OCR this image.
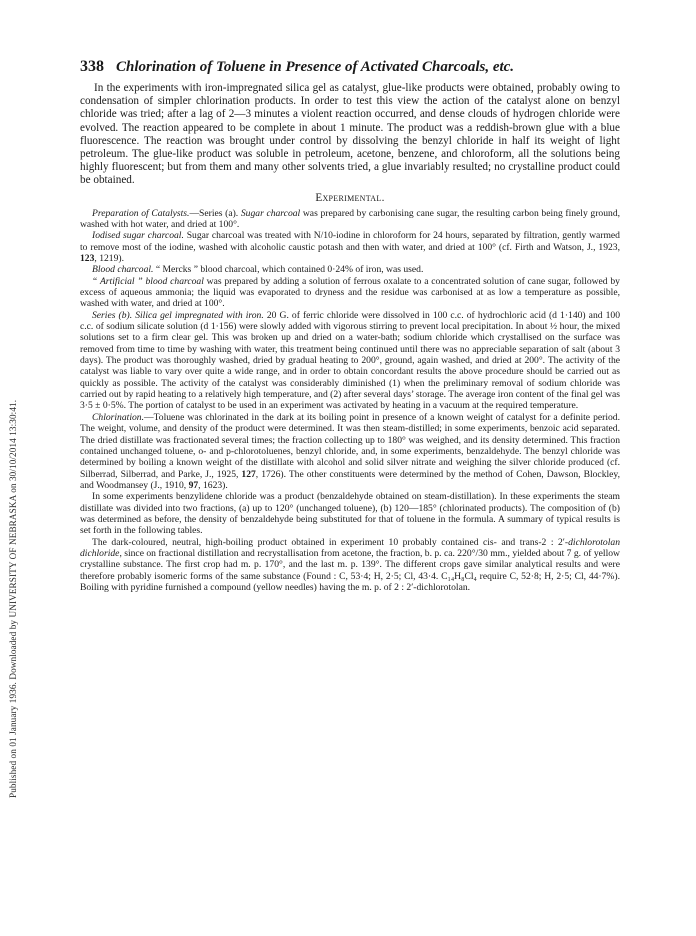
Published on 01 January 1936. Downloaded by UNIVERSITY OF NEBRASKA on 30/10/2014 13:30:41.
338 Chlorination of Toluene in Presence of Activated Charcoals, etc.

In the experiments with iron-impregnated silica gel as catalyst, glue-like products were obtained, probably owing to condensation of simpler chlorination products. In order to test this view the action of the catalyst alone on benzyl chloride was tried; after a lag of 2—3 minutes a violent reaction occurred, and dense clouds of hydrogen chloride were evolved. The reaction appeared to be complete in about 1 minute. The product was a reddish-brown glue with a blue fluorescence. The reaction was brought under control by dissolving the benzyl chloride in half its weight of light petroleum. The glue-like product was soluble in petroleum, acetone, benzene, and chloroform, all the solutions being highly fluorescent; but from them and many other solvents tried, a glue invariably resulted; no crystalline product could be obtained.

Experimental.

Preparation of Catalysts.—Series (a). Sugar charcoal was prepared by carbonising cane sugar, the resulting carbon being finely ground, washed with hot water, and dried at 100°.

Iodised sugar charcoal. Sugar charcoal was treated with N/10-iodine in chloroform for 24 hours, separated by filtration, gently warmed to remove most of the iodine, washed with alcoholic caustic potash and then with water, and dried at 100° (cf. Firth and Watson, J., 1923, 123, 1219).

Blood charcoal. “ Mercks ” blood charcoal, which contained 0·24% of iron, was used.

“ Artificial ” blood charcoal was prepared by adding a solution of ferrous oxalate to a concentrated solution of cane sugar, followed by excess of aqueous ammonia; the liquid was evaporated to dryness and the residue was carbonised at as low a temperature as possible, washed with water, and dried at 100°.

Series (b). Silica gel impregnated with iron. 20 G. of ferric chloride were dissolved in 100 c.c. of hydrochloric acid (d 1·140) and 100 c.c. of sodium silicate solution (d 1·156) were slowly added with vigorous stirring to prevent local precipitation. In about ½ hour, the mixed solutions set to a firm clear gel. This was broken up and dried on a water-bath; sodium chloride which crystallised on the surface was removed from time to time by washing with water, this treatment being continued until there was no appreciable separation of salt (about 3 days). The product was thoroughly washed, dried by gradual heating to 200°, ground, again washed, and dried at 200°. The activity of the catalyst was liable to vary over quite a wide range, and in order to obtain concordant results the above procedure should be carried out as quickly as possible. The activity of the catalyst was considerably diminished (1) when the preliminary removal of sodium chloride was carried out by rapid heating to a relatively high temperature, and (2) after several days’ storage. The average iron content of the final gel was 3·5 ± 0·5%. The portion of catalyst to be used in an experiment was activated by heating in a vacuum at the required temperature.

Chlorination.—Toluene was chlorinated in the dark at its boiling point in presence of a known weight of catalyst for a definite period. The weight, volume, and density of the product were determined. It was then steam-distilled; in some experiments, benzoic acid separated. The dried distillate was fractionated several times; the fraction collecting up to 180° was weighed, and its density determined. This fraction contained unchanged toluene, o- and p-chlorotoluenes, benzyl chloride, and, in some experiments, benzaldehyde. The benzyl chloride was determined by boiling a known weight of the distillate with alcohol and solid silver nitrate and weighing the silver chloride produced (cf. Silberrad, Silberrad, and Parke, J., 1925, 127, 1726). The other constituents were determined by the method of Cohen, Dawson, Blockley, and Woodmansey (J., 1910, 97, 1623).

In some experiments benzylidene chloride was a product (benzaldehyde obtained on steam-distillation). In these experiments the steam distillate was divided into two fractions, (a) up to 120° (unchanged toluene), (b) 120—185° (chlorinated products). The composition of (b) was determined as before, the density of benzaldehyde being substituted for that of toluene in the formula. A summary of typical results is set forth in the following tables.

The dark-coloured, neutral, high-boiling product obtained in experiment 10 probably contained cis- and trans-2 : 2′-dichlorotolan dichloride, since on fractional distillation and recrystallisation from acetone, the fraction, b. p. ca. 220°/30 mm., yielded about 7 g. of yellow crystalline substance. The first crop had m. p. 170°, and the last m. p. 139°. The different crops gave similar analytical results and were therefore probably isomeric forms of the same substance (Found : C, 53·4; H, 2·5; Cl, 43·4. C₁₄H₈Cl₄ require C, 52·8; H, 2·5; Cl, 44·7%). Boiling with pyridine furnished a compound (yellow needles) having the m. p. of 2 : 2′-dichlorotolan.
